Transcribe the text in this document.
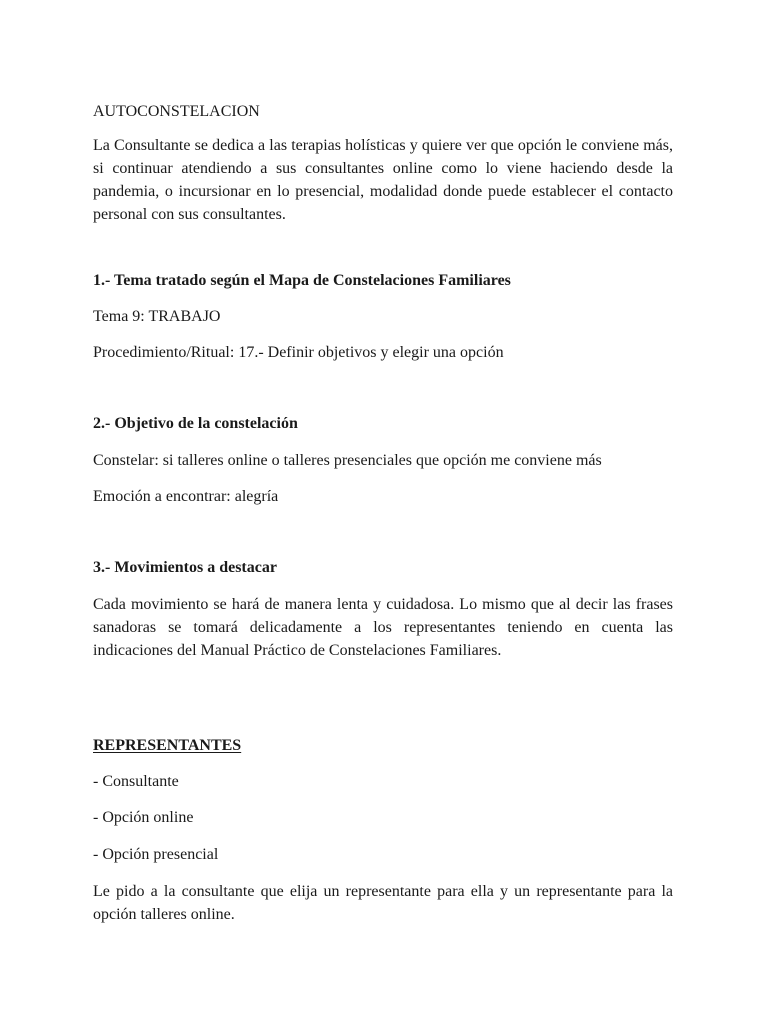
AUTOCONSTELACION

La Consultante se dedica a las terapias holísticas y quiere ver que opción le conviene más, si continuar atendiendo a sus consultantes online como lo viene haciendo desde la pandemia, o incursionar en lo presencial, modalidad donde puede establecer el contacto personal con sus consultantes.

1.- Tema tratado según el Mapa de Constelaciones Familiares

Tema 9: TRABAJO

Procedimiento/Ritual: 17.- Definir objetivos y elegir una opción

2.- Objetivo de la constelación

Constelar: si talleres online o talleres presenciales que opción me conviene más

Emoción a encontrar: alegría

3.- Movimientos a destacar

Cada movimiento se hará de manera lenta y cuidadosa. Lo mismo que al decir las frases sanadoras se tomará delicadamente a los representantes teniendo en cuenta las indicaciones del Manual Práctico de Constelaciones Familiares.

REPRESENTANTES

- Consultante

- Opción online

- Opción presencial

Le pido a la consultante que elija un representante para ella y un representante para la opción talleres online.
